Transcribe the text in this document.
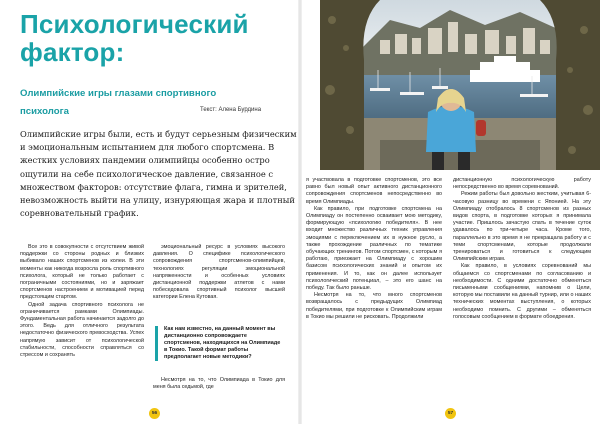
Психологический фактор:
Олимпийские игры глазами спортивного психолога	Текст: Алена Бурдина
Олимпийские игры были, есть и будут серьезным физическим и эмоциональным испытанием для любого спортсмена. В жестких условиях пандемии олимпийцы особенно остро ощутили на себе психологическое давление, связанное с множеством факторов: отсутствие флага, гимна и зрителей, невозможность выйти на улицу, изнуряющая жара и плотный соревновательный график.

Все это в совокупности с отсутствием живой поддержки со стороны родных и близких выбивало наших спортсменов из колеи. В эти моменты как никогда возросла роль спортивного психолога, который не только работает с пограничными состояниями, но и заряжает спортсменов настроением и мотивацией перед предстоящим стартом.

Одной задача спортивного психолога не ограничивается рамками Олимпиады. Фундаментальная работа начинается задолго до этого. Ведь для отличного результата недостаточно физического превосходства. Успех напрямую зависит от психологической стабильности, способности справляться со стрессом и сохранять

эмоциональный ресурс в условиях высокого давления. О специфике психологического сопровождения спортсменов-олимпийцев, технологиях регуляции эмоциональной напряженности и особенных условиях дистанционной поддержки атлетов с нами побеседовала спортивный психолог высшей категории Елена Кутовая.

Как нам известно, на данный момент вы дистанционно сопровождаете спортсменов, находящихся на Олимпиаде в Токио. Такой формат работы предполагает новые методики?

Несмотря на то, что Олимпиада в Токио для меня была седьмой, где

я участвовала в подготовке спортсменов, это все равно был новый опыт активного дистанционного сопровождения спортсменов непосредственно во время Олимпиады.

Как правило, при подготовке спортсмена на Олимпиаду он постепенно осваивает мою методику, формирующую «психологию победителя». В нее входит множество различных техник управления эмоциями с переключением их в нужное русло, а также прохождение различных по тематике обучающих тренингов. Потом спортсмен, с которым я работаю, приезжает на Олимпиаду с хорошим базисом психологических знаний и опытом их применения. И то, как он далее использует психологический потенциал, – это его шанс на победу. Так было раньше.

Несмотря на то, что много спортсменов возвращалось с предыдущих Олимпиад победителями, при подготовке к Олимпийским играм в Токио мы решили не рисковать. Продолжили

дистанционную психологическую работу непосредственно во время соревнований.

Режим работы был довольно жестким, учитывая 6-часовую разницу во времени с Японией. На эту Олимпиаду отобралось 8 спортсменов из разных видов спорта, в подготовке которых я принимала участие. Пришлось зачастую спать в течение суток удавалось по три-четыре часа. Кроме того, параллельно в это время я не прекращала работу и с теми спортсменами, которые продолжали тренироваться и готовиться к следующим Олимпийским играм.

Как правило, в условиях соревнований мы общаемся со спортсменами по согласованию и необходимости. С одними достаточно обменяться письменными сообщениями, напомнив о Цели, которую мы поставили на данный турнир, или о наших технических моментах выступления, о которых необходимо помнить. С другими – обменяться голосовым сообщением в формате обоедрения.

56	57
